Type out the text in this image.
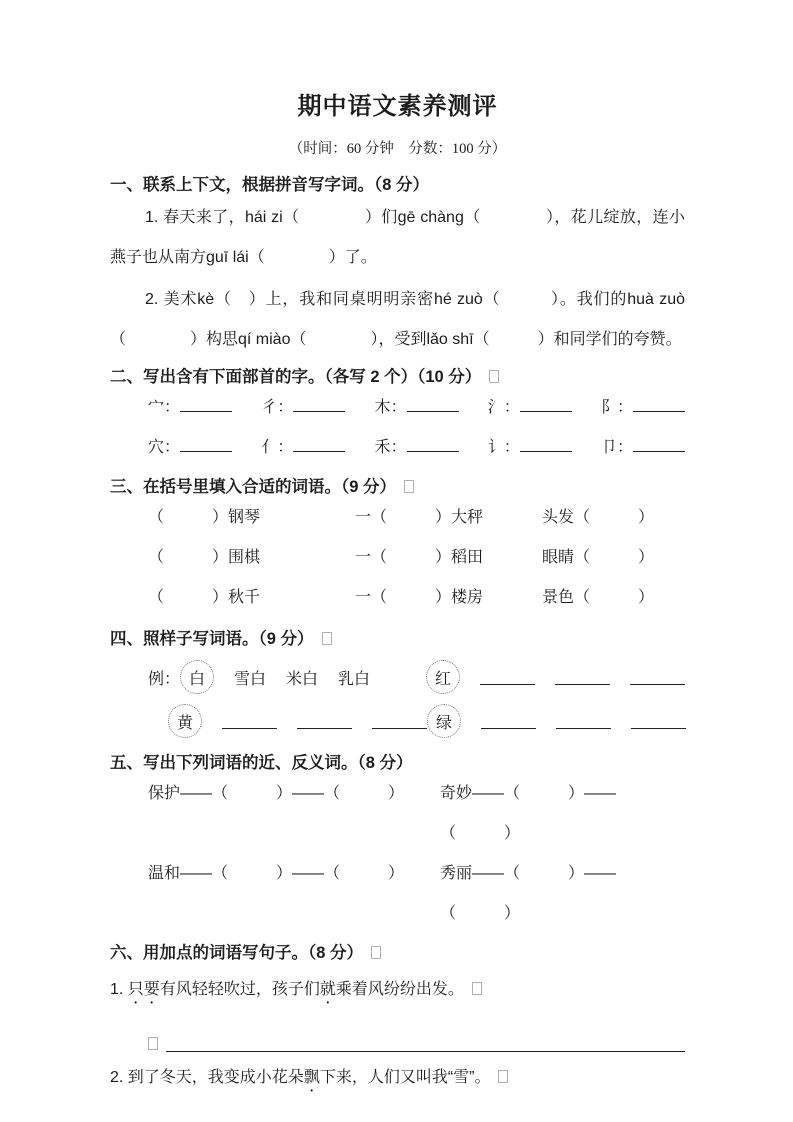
期中语文素养测评
（时间：60 分钟　分数：100 分）
一、联系上下文，根据拼音写字词。（8 分）

1. 春天来了，hái zi（　　　　）们gē chàng（　　　　），花儿绽放，连小燕子也从南方guī lái（　　　　）了。

2. 美术kè（　）上，我和同桌明明亲密hé zuò（　　　）。我们的huà zuò（　　　　）构思qí miào（　　　　），受到lǎo shī（　　　）和同学们的夸赞。

二、写出含有下面部首的字。（各写 2 个）（10 分）
宀：	彳：	木：	氵：	阝：
穴：	亻：	禾：	讠：	卩：
三、在括号里填入合适的词语。（9 分）
（　　　）钢琴	一（　　　）大秤	头发（　　　）
（　　　）围棋	一（　　　）稻田	眼睛（　　　）
（　　　）秋千	一（　　　）楼房	景色（　　　）
四、照样子写词语。（9 分）
例： 白	雪白 米白 乳白	红
黄	绿
五、写出下列词语的近、反义词。（8 分）
保护——（　　　）——（　　　）	奇妙——（　　　）——（　　　）
温和——（　　　）——（　　　）	秀丽——（　　　）——（　　　）
六、用加点的词语写句子。（8 分）

1. 只要有风轻轻吹过，孩子们就乘着风纷纷出发。

2. 到了冬天，我变成小花朵飘下来，人们又叫我“雪”。
